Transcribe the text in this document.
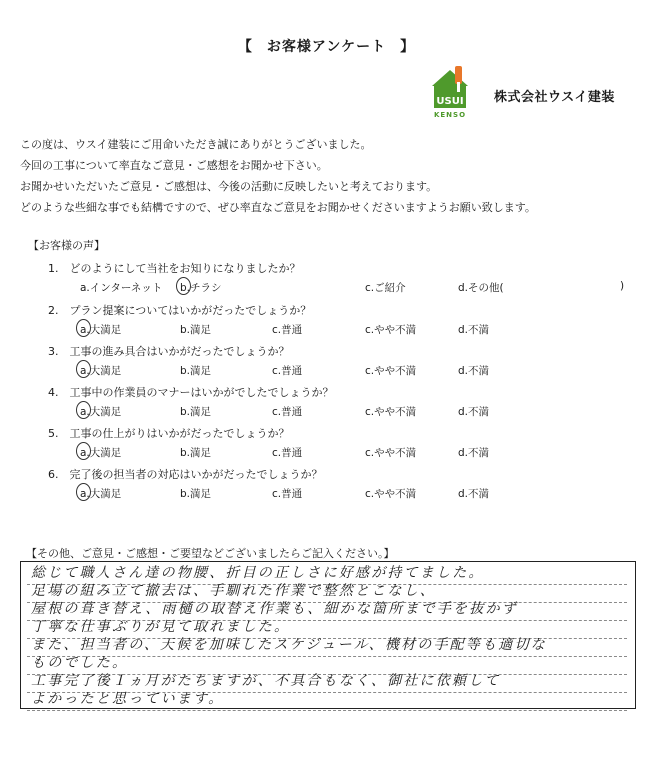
【 お客様アンケート 】
USUI
KENSO
株式会社ウスイ建装
この度は、ウスイ建装にご用命いただき誠にありがとうございました。
今回の工事について率直なご意見・ご感想をお聞かせ下さい。
お聞かせいただいたご意見・ご感想は、今後の活動に反映したいと考えております。
どのような些細な事でも結構ですので、ぜひ率直なご意見をお聞かせくださいますようお願い致します。
【お客様の声】
1.　どのようにして当社をお知りになりましたか？
a.インターネット b.チラシ	c.ご紹介	d.その他(	)
2.　プラン提案についてはいかがだったでしょうか？
a.大満足	b.満足	c.普通	c.やや不満	d.不満
3.　工事の進み具合はいかがだったでしょうか？
a.大満足	b.満足	c.普通	c.やや不満	d.不満
4.　工事中の作業員のマナーはいかがでしたでしょうか？
a.大満足	b.満足	c.普通	c.やや不満	d.不満
5.　工事の仕上がりはいかがだったでしょうか？
a.大満足	b.満足	c.普通	c.やや不満	d.不満
6.　完了後の担当者の対応はいかがだったでしょうか？
a.大満足	b.満足	c.普通	c.やや不満	d.不満
【その他、ご意見・ご感想・ご要望などございましたらご記入ください。】
総じて職人さん達の物腰、折目の正しさに好感が持てました。
足場の組み立て撤去は、手馴れた作業で整然とこなし、
屋根の葺き替え、雨樋の取替え作業も、細かな箇所まで手を抜かず
丁寧な仕事ぶりが見て取れました。
また、担当者の、天候を加味したスケジュール、機材の手配等も適切な
ものでした。
工事完了後１ヵ月がたちますが、不具合もなく、御社に依頼して
よかったと思っています。
